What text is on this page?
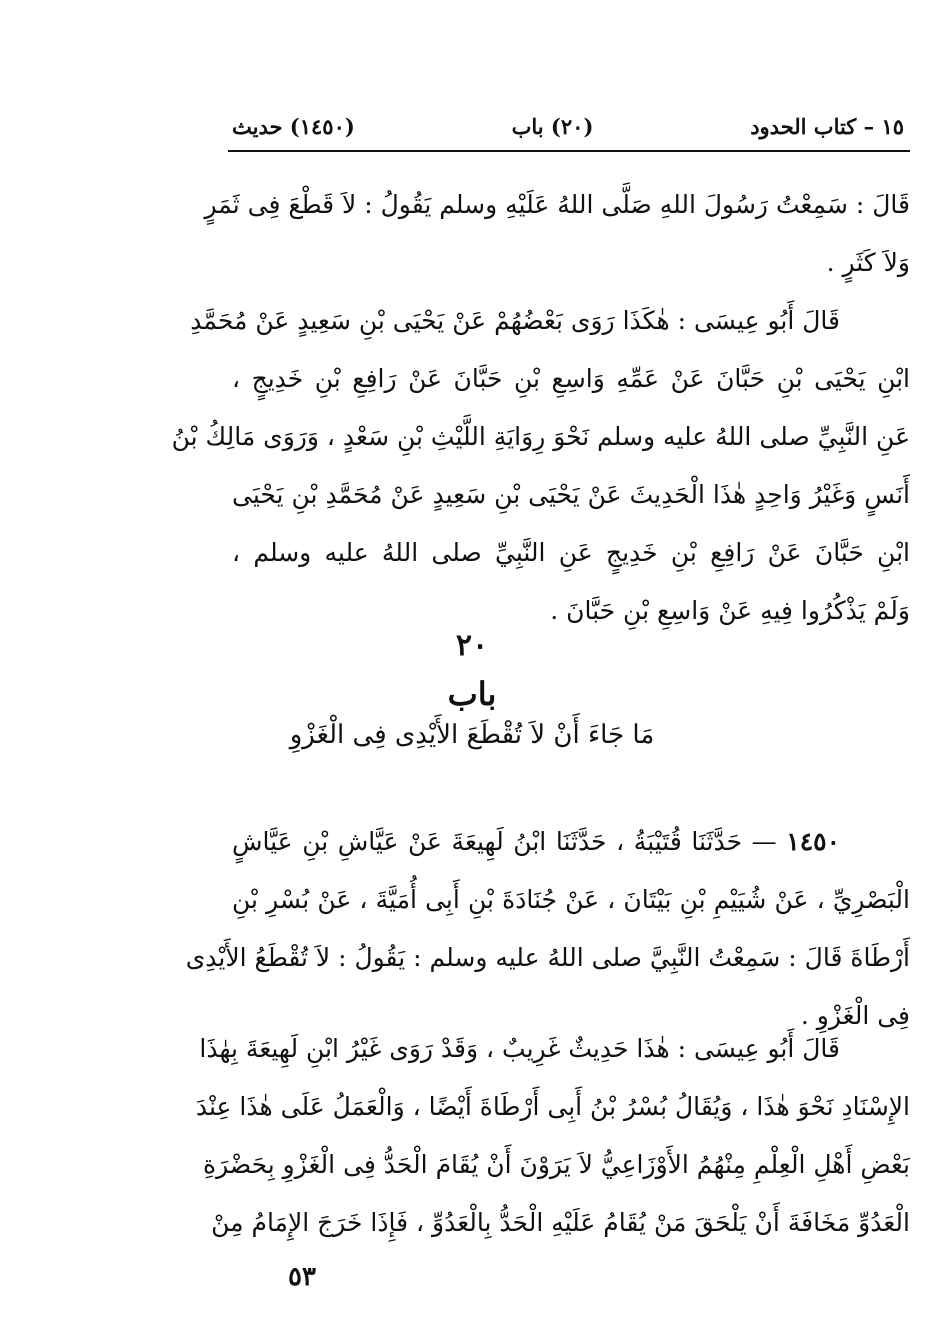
١٥ – كتاب الحدود
(٢٠) باب
(١٤٥٠) حديث
قَالَ : سَمِعْتُ رَسُولَ اللهِ صَلَّى اللهُ عَلَيْهِ وسلم يَقُولُ : لاَ قَطْعَ فِى ثَمَرٍ
وَلاَ كَثَرٍ .
قَالَ أَبُو عِيسَى : هٰكَذَا رَوَى بَعْضُهُمْ عَنْ يَحْيَى بْنِ سَعِيدٍ عَنْ مُحَمَّدِ
ابْنِ يَحْيَى بْنِ حَبَّانَ عَنْ عَمِّهِ وَاسِعِ بْنِ حَبَّانَ عَنْ رَافِعِ بْنِ خَدِيجٍ ،
عَنِ النَّبِيِّ صلى اللهُ عليه وسلم نَحْوَ رِوَايَةِ اللَّيْثِ بْنِ سَعْدٍ ، وَرَوَى مَالِكُ بْنُ
أَنَسٍ وَغَيْرُ وَاحِدٍ هٰذَا الْحَدِيثَ عَنْ يَحْيَى بْنِ سَعِيدٍ عَنْ مُحَمَّدِ بْنِ يَحْيَى
ابْنِ حَبَّانَ عَنْ رَافِعِ بْنِ خَدِيجٍ عَنِ النَّبِيِّ صلى اللهُ عليه وسلم ،
وَلَمْ يَذْكُرُوا فِيهِ عَنْ وَاسِعِ بْنِ حَبَّانَ .
٢٠
باب
مَا جَاءَ أَنْ لاَ تُقْطَعَ الأَيْدِى فِى الْغَزْوِ
١٤٥٠ — حَدَّثَنَا قُتَيْبَةُ ، حَدَّثَنَا ابْنُ لَهِيعَةَ عَنْ عَيَّاشِ بْنِ عَيَّاشٍ
الْبَصْرِيِّ ، عَنْ شُيَيْمِ بْنِ بَيْتَانَ ، عَنْ جُنَادَةَ بْنِ أَبِى أُمَيَّةَ ، عَنْ بُسْرِ بْنِ
أَرْطَاةَ قَالَ : سَمِعْتُ النَّبِيَّ صلى اللهُ عليه وسلم : يَقُولُ : لاَ تُقْطَعُ الأَيْدِى
فِى الْغَزْوِ .
قَالَ أَبُو عِيسَى : هٰذَا حَدِيثٌ غَرِيبٌ ، وَقَدْ رَوَى غَيْرُ ابْنِ لَهِيعَةَ بِهٰذَا
الإِسْنَادِ نَحْوَ هٰذَا ، وَيُقَالُ بُسْرُ بْنُ أَبِى أَرْطَاةَ أَيْضًا ، وَالْعَمَلُ عَلَى هٰذَا عِنْدَ
بَعْضِ أَهْلِ الْعِلْمِ مِنْهُمُ الأَوْزَاعِيُّ لاَ يَرَوْنَ أَنْ يُقَامَ الْحَدُّ فِى الْغَزْوِ بِحَضْرَةِ
الْعَدُوِّ مَخَافَةَ أَنْ يَلْحَقَ مَنْ يُقَامُ عَلَيْهِ الْحَدُّ بِالْعَدُوِّ ، فَإِذَا خَرَجَ الإِمَامُ مِنْ
٥٣
